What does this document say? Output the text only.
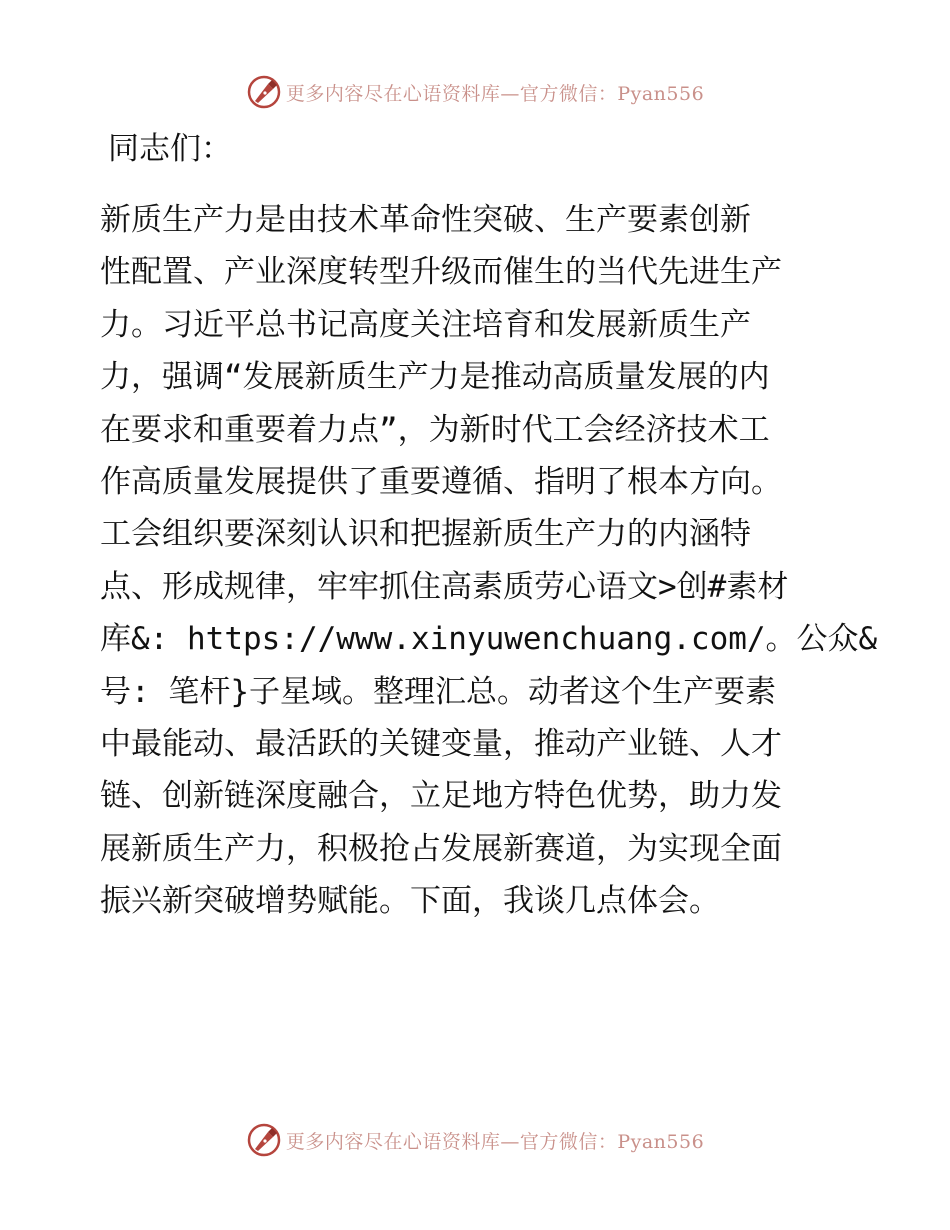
更多内容尽在心语资料库—官方微信：Pyan556
同志们：
新质生产力是由技术革命性突破、生产要素创新
性配置、产业深度转型升级而催生的当代先进生产
力。习近平总书记高度关注培育和发展新质生产
力，强调“发展新质生产力是推动高质量发展的内
在要求和重要着力点”，为新时代工会经济技术工
作高质量发展提供了重要遵循、指明了根本方向。
工会组织要深刻认识和把握新质生产力的内涵特
点、形成规律，牢牢抓住高素质劳心语文>创#素材
库&: https://www.xinyuwenchuang.com/。公众&
号: 笔杆}子星域。整理汇总。动者这个生产要素
中最能动、最活跃的关键变量，推动产业链、人才
链、创新链深度融合，立足地方特色优势，助力发
展新质生产力，积极抢占发展新赛道，为实现全面
振兴新突破增势赋能。下面，我谈几点体会。
更多内容尽在心语资料库—官方微信：Pyan556
